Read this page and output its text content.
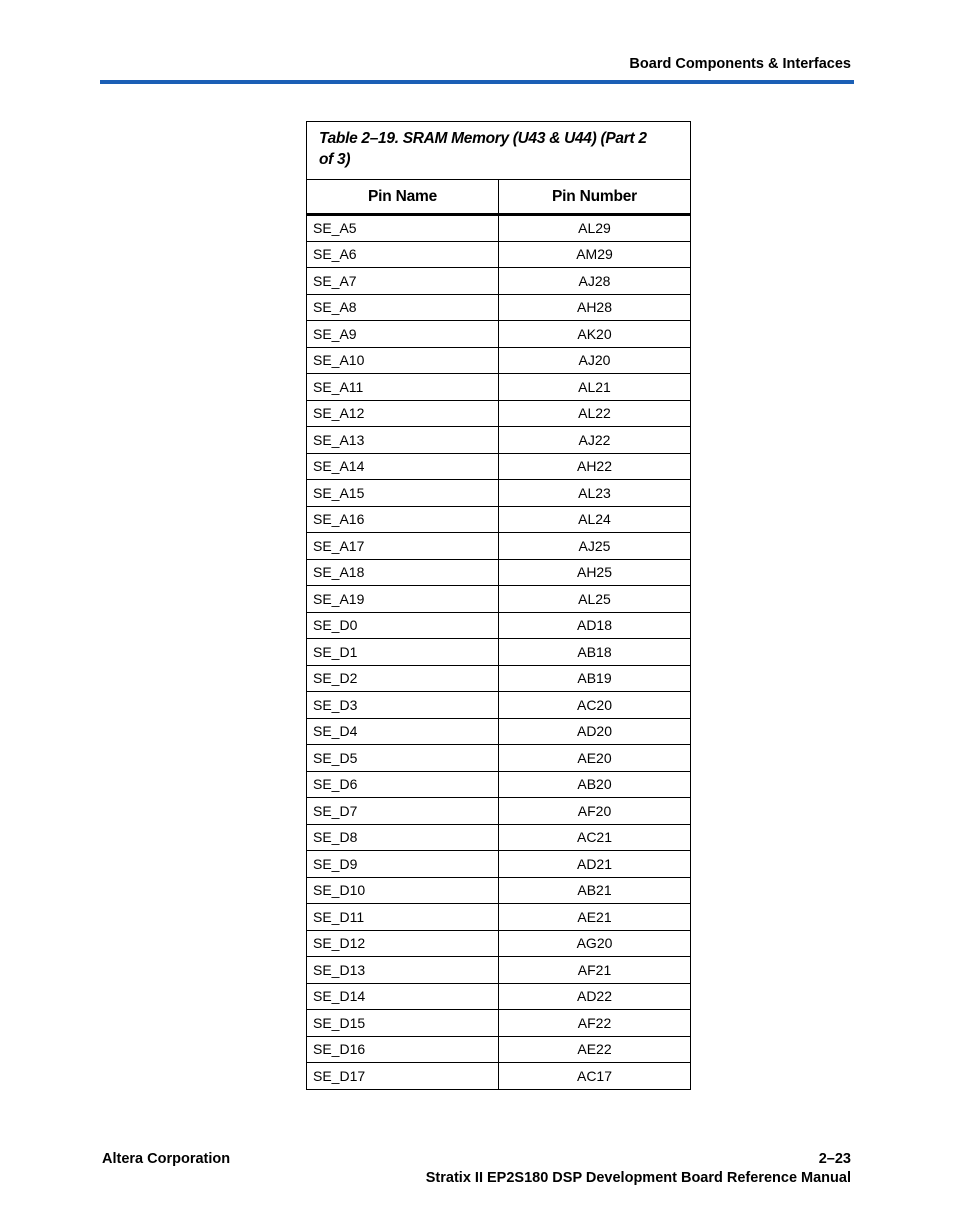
Board Components & Interfaces
Table 2–19. SRAM Memory (U43 & U44) (Part 2 of 3)	
Pin Name	Pin Number
SE_A5	AL29
SE_A6	AM29
SE_A7	AJ28
SE_A8	AH28
SE_A9	AK20
SE_A10	AJ20
SE_A11	AL21
SE_A12	AL22
SE_A13	AJ22
SE_A14	AH22
SE_A15	AL23
SE_A16	AL24
SE_A17	AJ25
SE_A18	AH25
SE_A19	AL25
SE_D0	AD18
SE_D1	AB18
SE_D2	AB19
SE_D3	AC20
SE_D4	AD20
SE_D5	AE20
SE_D6	AB20
SE_D7	AF20
SE_D8	AC21
SE_D9	AD21
SE_D10	AB21
SE_D11	AE21
SE_D12	AG20
SE_D13	AF21
SE_D14	AD22
SE_D15	AF22
SE_D16	AE22
SE_D17	AC17
Altera Corporation	2–23
Stratix II EP2S180 DSP Development Board Reference Manual
